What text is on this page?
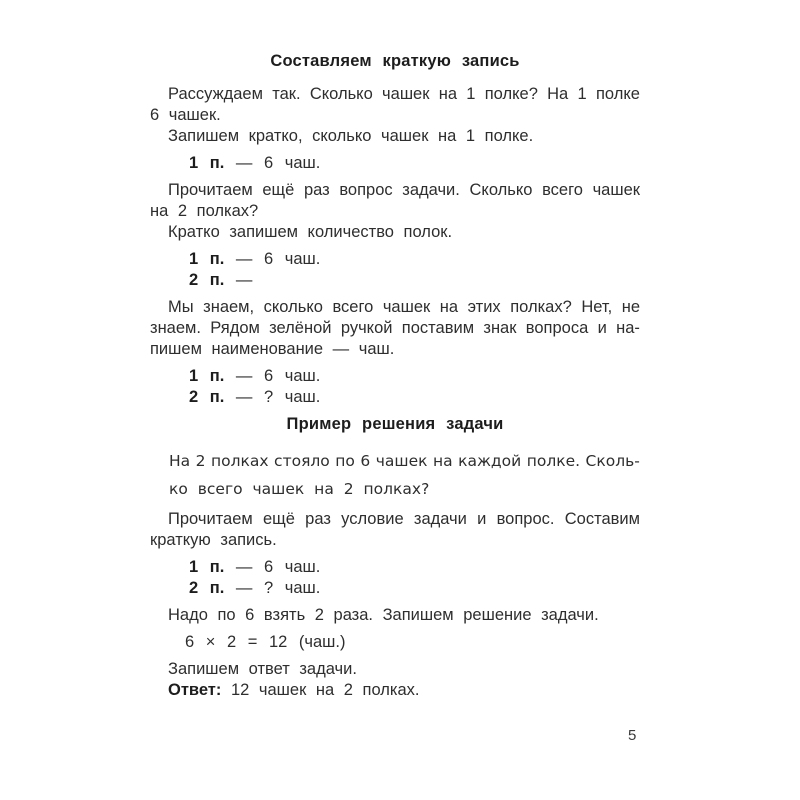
Составляем краткую запись
Рассуждаем так. Сколько чашек на 1 полке? На 1 полке
6 чашек.
Запишем кратко, сколько чашек на 1 полке.
1 п. — 6 чаш.
Прочитаем ещё раз вопрос задачи. Сколько всего чашек
на 2 полках?
Кратко запишем количество полок.
1 п. — 6 чаш.
2 п. —
Мы знаем, сколько всего чашек на этих полках? Нет, не
знаем. Рядом зелёной ручкой поставим знак вопроса и на-
пишем наименование — чаш.
1 п. — 6 чаш.
2 п. — ? чаш.
Пример решения задачи
На 2 полках стояло по 6 чашек на каждой полке. Сколь-
ко всего чашек на 2 полках?
Прочитаем ещё раз условие задачи и вопрос. Составим
краткую запись.
1 п. — 6 чаш.
2 п. — ? чаш.
Надо по 6 взять 2 раза. Запишем решение задачи.
6 × 2 = 12 (чаш.)
Запишем ответ задачи.
Ответ: 12 чашек на 2 полках.
5
